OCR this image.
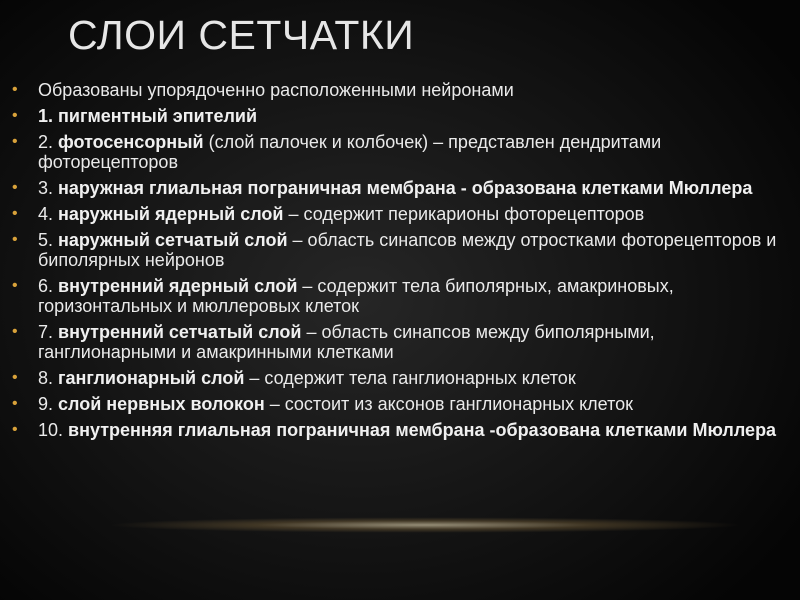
СЛОИ СЕТЧАТКИ
• Образованы упорядоченно расположенными нейронами
• 1. пигментный эпителий
• 2. фотосенсорный (слой палочек и колбочек) – представлен дендритами фоторецепторов
• 3. наружная глиальная пограничная мембрана - образована клетками Мюллера
• 4. наружный ядерный слой – содержит перикарионы фоторецепторов
• 5. наружный сетчатый слой – область синапсов между отростками фоторецепторов и биполярных нейронов
• 6. внутренний ядерный слой – содержит тела биполярных, амакриновых, горизонтальных и мюллеровых клеток
• 7. внутренний сетчатый слой – область синапсов между биполярными, ганглионарными и амакринными клетками
• 8. ганглионарный слой – содержит тела ганглионарных клеток
• 9. слой нервных волокон – состоит из аксонов ганглионарных клеток
• 10. внутренняя глиальная пограничная мембрана -образована клетками Мюллера
